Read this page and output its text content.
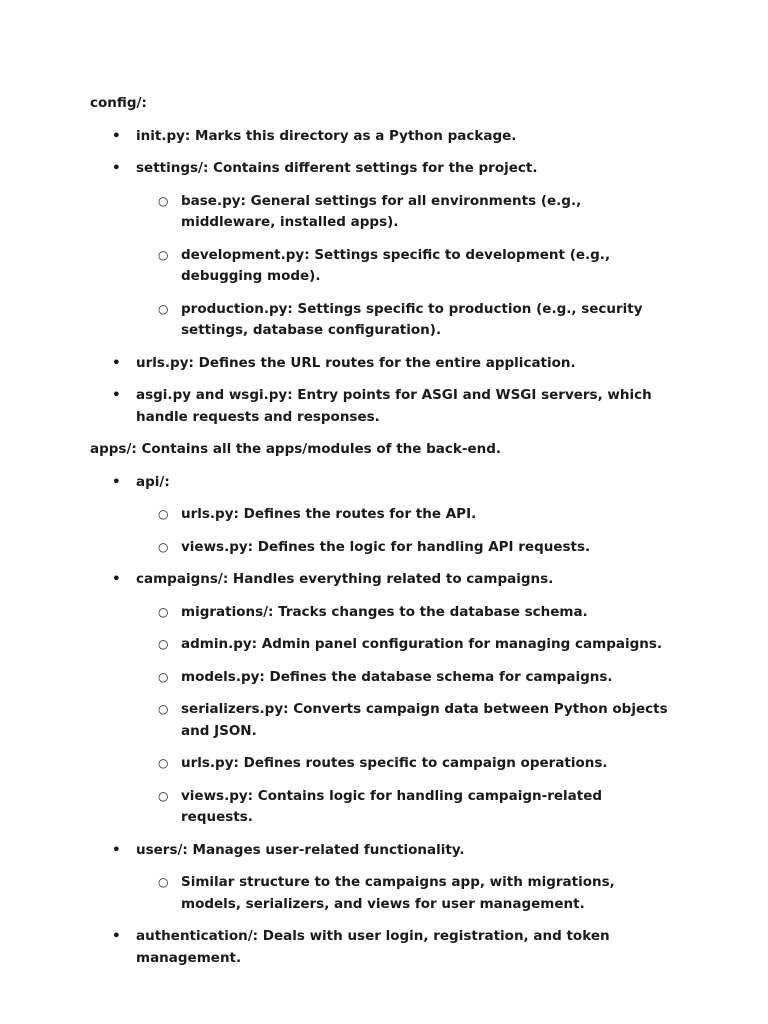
config/:

• init.py: Marks this directory as a Python package.
• settings/: Contains different settings for the project.
○ base.py: General settings for all environments (e.g., middleware, installed apps).
○ development.py: Settings specific to development (e.g., debugging mode).
○ production.py: Settings specific to production (e.g., security settings, database configuration).
• urls.py: Defines the URL routes for the entire application.
• asgi.py and wsgi.py: Entry points for ASGI and WSGI servers, which handle requests and responses.

apps/: Contains all the apps/modules of the back-end.

• api/:
○ urls.py: Defines the routes for the API.
○ views.py: Defines the logic for handling API requests.
• campaigns/: Handles everything related to campaigns.
○ migrations/: Tracks changes to the database schema.
○ admin.py: Admin panel configuration for managing campaigns.
○ models.py: Defines the database schema for campaigns.
○ serializers.py: Converts campaign data between Python objects and JSON.
○ urls.py: Defines routes specific to campaign operations.
○ views.py: Contains logic for handling campaign-related requests.
• users/: Manages user-related functionality.
○ Similar structure to the campaigns app, with migrations, models, serializers, and views for user management.
• authentication/: Deals with user login, registration, and token management.
